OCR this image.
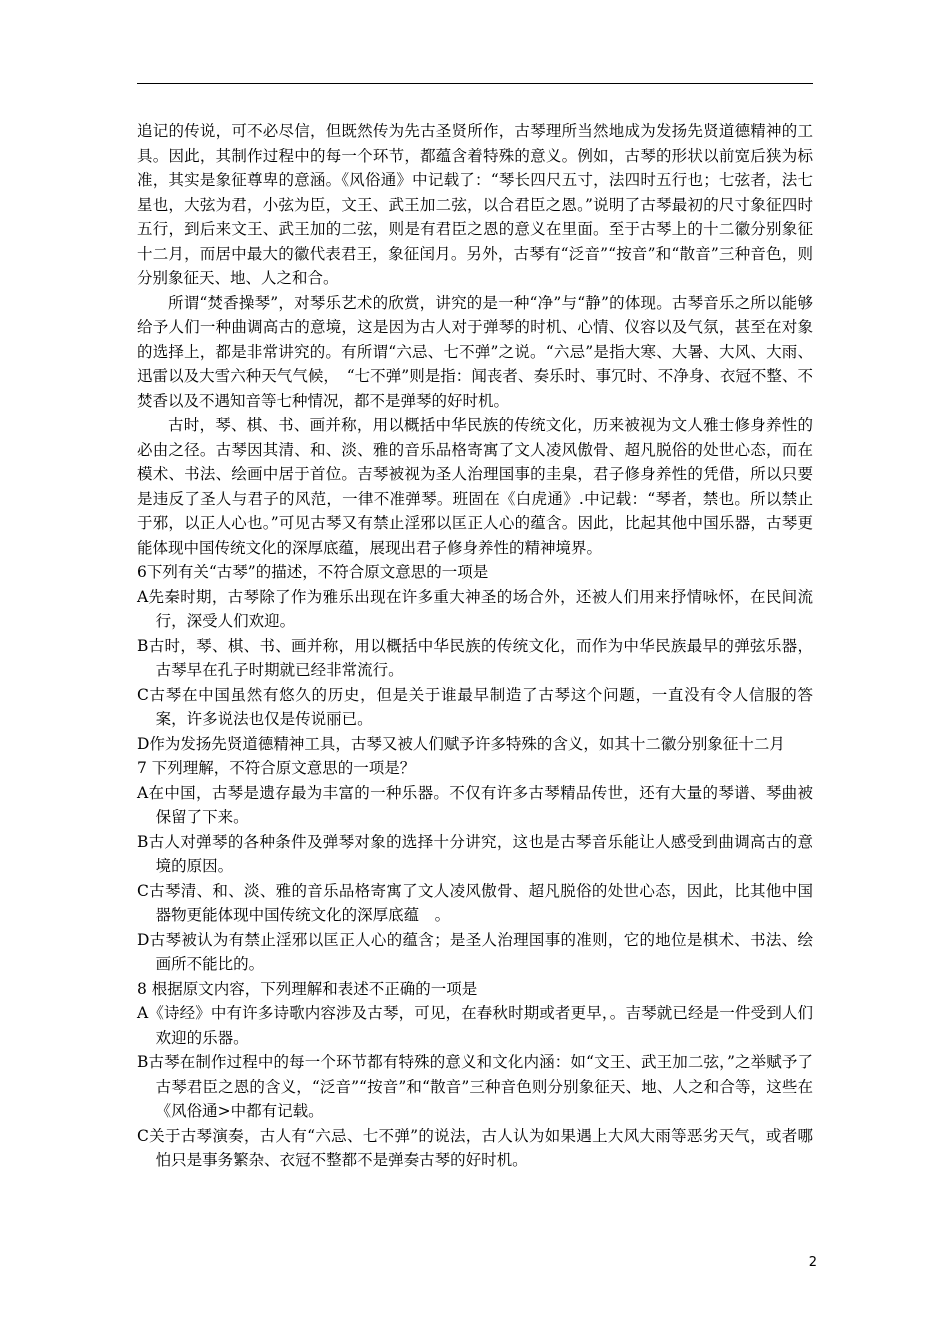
追记的传说，可不必尽信，但既然传为先古圣贤所作，古琴理所当然地成为发扬先贤道德精神的工具。因此，其制作过程中的每一个环节，都蕴含着特殊的意义。例如，古琴的形状以前宽后狭为标准，其实是象征尊卑的意涵。《风俗通》中记载了：“琴长四尺五寸，法四时五行也；七弦者，法七星也，大弦为君，小弦为臣，文王、武王加二弦，以合君臣之恩。”说明了古琴最初的尺寸象征四时五行，到后来文王、武王加的二弦，则是有君臣之恩的意义在里面。至于古琴上的十二徽分别象征十二月，而居中最大的徽代表君王，象征闰月。另外，古琴有“泛音”“按音”和“散音”三种音色，则分别象征天、地、人之和合。

所谓“焚香操琴”，对琴乐艺术的欣赏，讲究的是一种“净”与“静”的体现。古琴音乐之所以能够给予人们一种曲调高古的意境，这是因为古人对于弹琴的时机、心情、仪容以及气氛，甚至在对象的选择上，都是非常讲究的。有所谓“六忌、七不弹”之说。“六忌”是指大寒、大暑、大风、大雨、迅雷以及大雪六种天气气候，　“七不弹”则是指：闻丧者、奏乐时、事冗时、不净身、衣冠不整、不焚香以及不遇知音等七种情况，都不是弹琴的好时机。

古时，琴、棋、书、画并称，用以概括中华民族的传统文化，历来被视为文人雅士修身养性的必由之径。古琴因其清、和、淡、雅的音乐品格寄寓了文人凌风傲骨、超凡脱俗的处世心态，而在模术、书法、绘画中居于首位。吉琴被视为圣人治理国事的圭臬，君子修身养性的凭借，所以只要是违反了圣人与君子的风范，一律不准弹琴。班固在《白虎通》.中记载：“琴者，禁也。所以禁止于邪，以正人心也。”可见古琴又有禁止淫邪以匡正人心的蕴含。因此，比起其他中国乐器，古琴更能体现中国传统文化的深厚底蕴，展现出君子修身养性的精神境界。

6下列有关“古琴”的描述，不符合原文意思的一项是

A先秦时期，古琴除了作为雅乐出现在许多重大神圣的场合外，还被人们用来抒情咏怀，在民间流行，深受人们欢迎。

B古时，琴、棋、书、画并称，用以概括中华民族的传统文化，而作为中华民族最早的弹弦乐器，古琴早在孔子时期就已经非常流行。

C古琴在中国虽然有悠久的历史，但是关于谁最早制造了古琴这个问题，一直没有令人信服的答案，许多说法也仅是传说丽已。

D作为发扬先贤道德精神工具，古琴又被人们赋予许多特殊的含义，如其十二徽分别象征十二月

7 下列理解，不符合原文意思的一项是？

A在中国，古琴是遗存最为丰富的一种乐器。不仅有许多古琴精品传世，还有大量的琴谱、琴曲被保留了下来。

B古人对弹琴的各种条件及弹琴对象的选择十分讲究，这也是古琴音乐能让人感受到曲调高古的意境的原因。

C古琴清、和、淡、雅的音乐品格寄寓了文人凌风傲骨、超凡脱俗的处世心态，因此，比其他中国器物更能体现中国传统文化的深厚底蕴　。

D古琴被认为有禁止淫邪以匡正人心的蕴含；是圣人治理国事的准则，它的地位是棋术、书法、绘画所不能比的。

8 根据原文内容，下列理解和表述不正确的一项是

A《诗经》中有许多诗歌内容涉及古琴，可见，在春秋时期或者更早，。吉琴就已经是一件受到人们欢迎的乐器。

B古琴在制作过程中的每一个环节都有特殊的意义和文化内涵：如“文王、武王加二弦，”之举赋予了古琴君臣之恩的含义，“泛音”“按音”和“散音”三种音色则分别象征天、地、人之和合等，这些在《风俗通>中都有记载。

C关于古琴演奏，古人有“六忌、七不弹”的说法，古人认为如果遇上大风大雨等恶劣天气，或者哪怕只是事务繁杂、衣冠不整都不是弹奏古琴的好时机。

2
